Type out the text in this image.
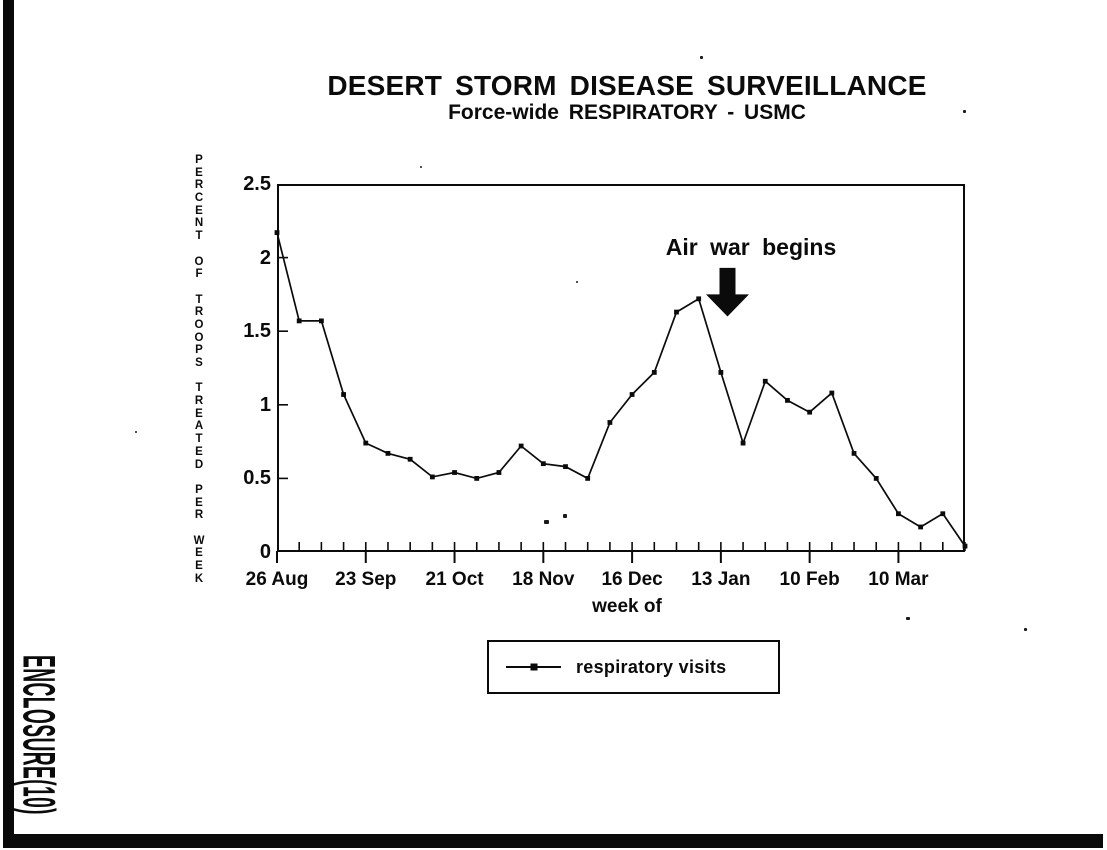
ENCLOSURE(10)
DESERT STORM DISEASE SURVEILLANCE
Force-wide RESPIRATORY - USMC
P
E
R
C
E
N
T
O
F
T
R
O
O
P
S
T
R
E
A
T
E
D
P
E
R
W
E
E
K
0
0.5
1
1.5
2
2.5
26 Aug 23 Sep 21 Oct 18 Nov 16 Dec 13 Jan 10 Feb 10 Mar
Air war begins
week of
respiratory visits
